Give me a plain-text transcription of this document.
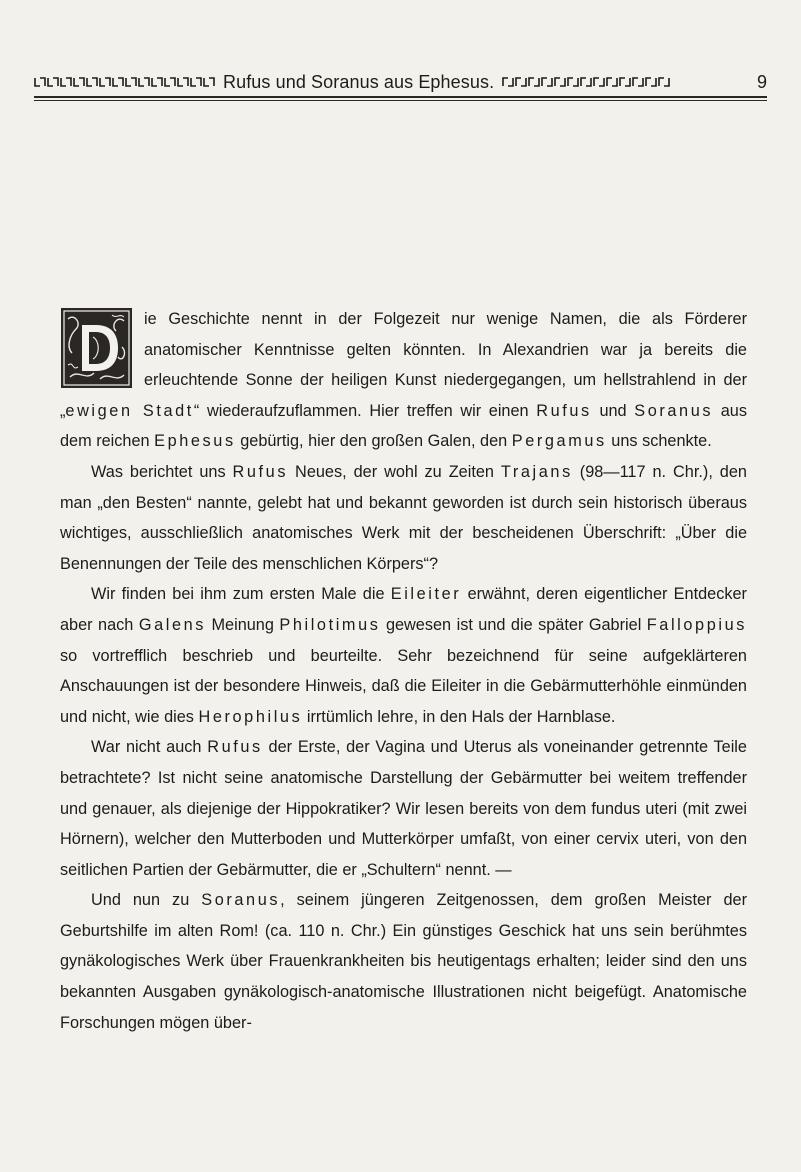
Rufus und Soranus aus Ephesus.	9

ie Geschichte nennt in der Folgezeit nur wenige Namen, die als Förderer anatomischer Kenntnisse gelten könnten. In Alexandrien war ja bereits die erleuchtende Sonne der heiligen Kunst niedergegangen, um hellstrahlend in der „ewigen Stadt“ wiederaufzuflammen. Hier treffen wir einen Rufus und Soranus aus dem reichen Ephesus gebürtig, hier den großen Galen, den Pergamus uns schenkte.

Was berichtet uns Rufus Neues, der wohl zu Zeiten Trajans (98—117 n. Chr.), den man „den Besten“ nannte, gelebt hat und bekannt geworden ist durch sein historisch überaus wichtiges, ausschließlich anatomisches Werk mit der bescheidenen Überschrift: „Über die Benennungen der Teile des menschlichen Körpers“?

Wir finden bei ihm zum ersten Male die Eileiter erwähnt, deren eigentlicher Entdecker aber nach Galens Meinung Philotimus gewesen ist und die später Gabriel Falloppius so vortrefflich beschrieb und beurteilte. Sehr bezeichnend für seine aufgeklärteren Anschauungen ist der besondere Hinweis, daß die Eileiter in die Gebärmutterhöhle einmünden und nicht, wie dies Herophilus irrtümlich lehre, in den Hals der Harnblase.

War nicht auch Rufus der Erste, der Vagina und Uterus als voneinander getrennte Teile betrachtete? Ist nicht seine anatomische Darstellung der Gebärmutter bei weitem treffender und genauer, als diejenige der Hippokratiker? Wir lesen bereits von dem fundus uteri (mit zwei Hörnern), welcher den Mutterboden und Mutterkörper umfaßt, von einer cervix uteri, von den seitlichen Partien der Gebärmutter, die er „Schultern“ nennt. —

Und nun zu Soranus, seinem jüngeren Zeitgenossen, dem großen Meister der Geburtshilfe im alten Rom! (ca. 110 n. Chr.) Ein günstiges Geschick hat uns sein berühmtes gynäkologisches Werk über Frauenkrankheiten bis heutigentags erhalten; leider sind den uns bekannten Ausgaben gynäkologisch-anatomische Illustrationen nicht beigefügt. Anatomische Forschungen mögen über-
